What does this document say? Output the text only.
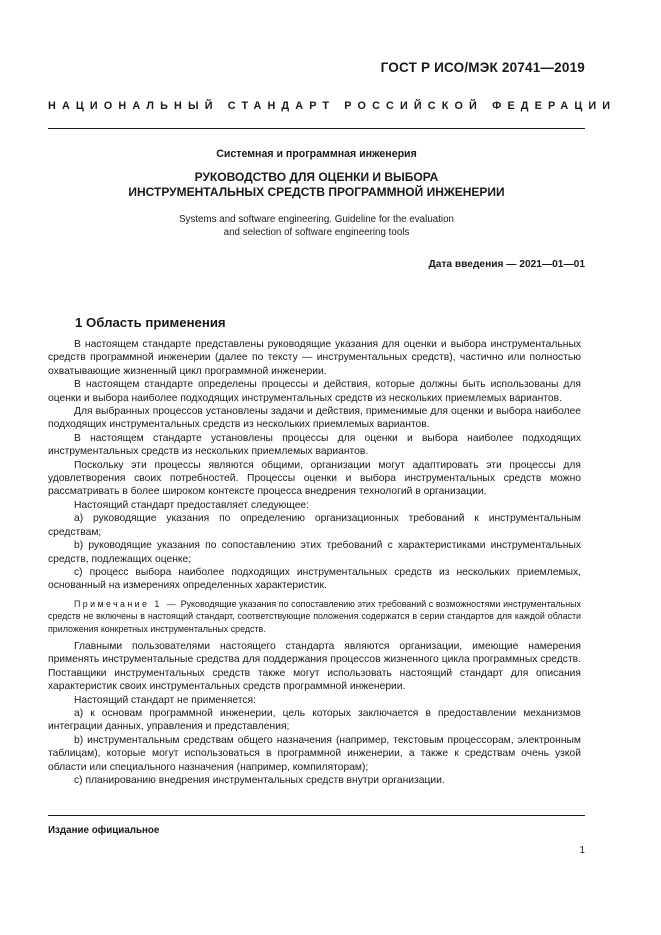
ГОСТ Р ИСО/МЭК 20741—2019
НАЦИОНАЛЬНЫЙ СТАНДАРТ РОССИЙСКОЙ ФЕДЕРАЦИИ
Системная и программная инженерия
РУКОВОДСТВО ДЛЯ ОЦЕНКИ И ВЫБОРА
ИНСТРУМЕНТАЛЬНЫХ СРЕДСТВ ПРОГРАММНОЙ ИНЖЕНЕРИИ
Systems and software engineering. Guideline for the evaluation
and selection of software engineering tools
Дата введения — 2021—01—01
1 Область применения

В настоящем стандарте представлены руководящие указания для оценки и выбора инструментальных средств программной инженерии (далее по тексту — инструментальных средств), частично или полностью охватывающие жизненный цикл программной инженерии.

В настоящем стандарте определены процессы и действия, которые должны быть использованы для оценки и выбора наиболее подходящих инструментальных средств из нескольких приемлемых вариантов.

Для выбранных процессов установлены задачи и действия, применимые для оценки и выбора наиболее подходящих инструментальных средств из нескольких приемлемых вариантов.

В настоящем стандарте установлены процессы для оценки и выбора наиболее подходящих инструментальных средств из нескольких приемлемых вариантов.

Поскольку эти процессы являются общими, организации могут адаптировать эти процессы для удовлетворения своих потребностей. Процессы оценки и выбора инструментальных средств можно рассматривать в более широком контексте процесса внедрения технологий в организации.

Настоящий стандарт предоставляет следующее:

а) руководящие указания по определению организационных требований к инструментальным средствам;

b) руководящие указания по сопоставлению этих требований с характеристиками инструментальных средств, подлежащих оценке;

c) процесс выбора наиболее подходящих инструментальных средств из нескольких приемлемых, основанный на измерениях определенных характеристик.

Примечание 1 — Руководящие указания по сопоставлению этих требований с возможностями инструментальных средств не включены в настоящий стандарт, соответствующие положения содержатся в серии стандартов для каждой области приложения конкретных инструментальных средств.

Главными пользователями настоящего стандарта являются организации, имеющие намерения применять инструментальные средства для поддержания процессов жизненного цикла программных средств. Поставщики инструментальных средств также могут использовать настоящий стандарт для описания характеристик своих инструментальных средств программной инженерии.

Настоящий стандарт не применяется:

а) к основам программной инженерии, цель которых заключается в предоставлении механизмов интеграции данных, управления и представления;

b) инструментальным средствам общего назначения (например, текстовым процессорам, электронным таблицам), которые могут использоваться в программной инженерии, а также к средствам очень узкой области или специального назначения (например, компиляторам);

c) планированию внедрения инструментальных средств внутри организации.

Издание официальное
1
